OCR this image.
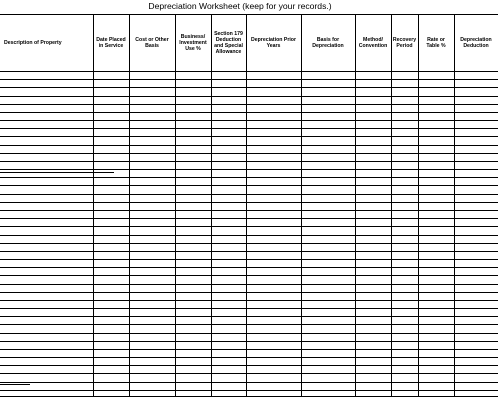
Depreciation Worksheet (keep for your records.)
Description of Property
Date Placed in Service
Cost or Other Basis
Business/ Investment Use %
Section 179 Deduction and Special Allowance
Depreciation Prior Years
Basis for Depreciation
Method/ Convention
Recovery Period
Rate or Table %
Depreciation Deduction
